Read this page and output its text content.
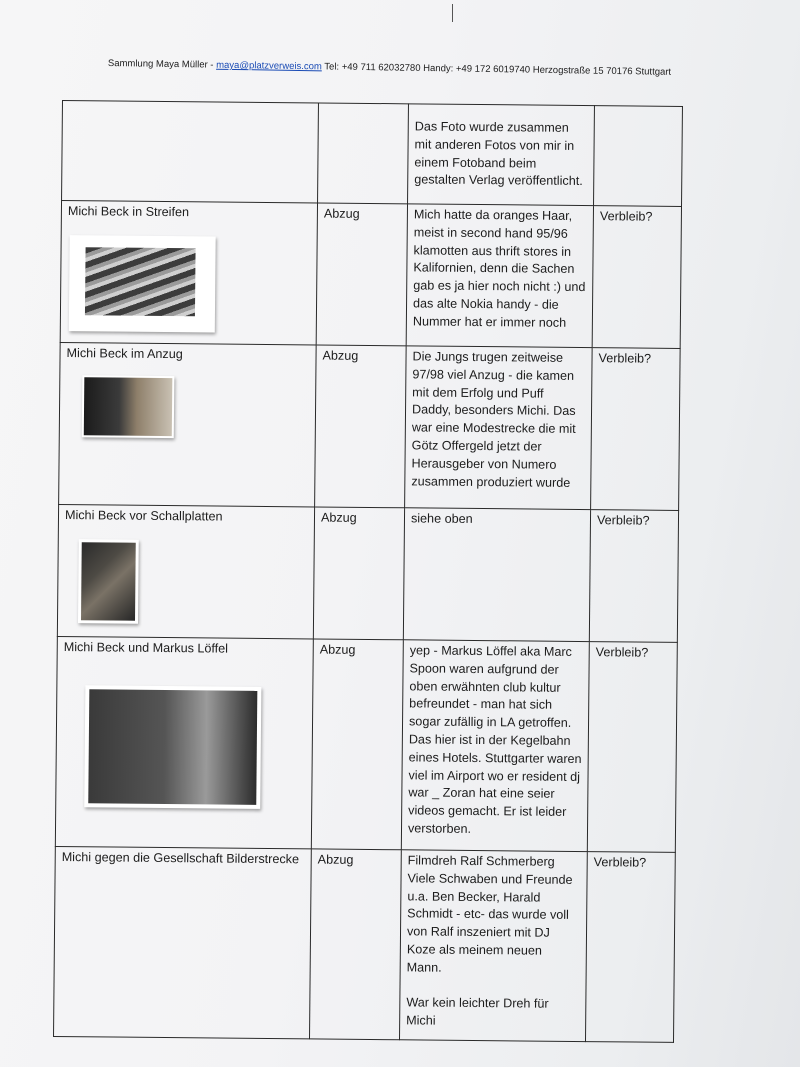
Sammlung Maya Müller - maya@platzverweis.com Tel: +49 711 62032780 Handy: +49 172 6019740 Herzogstraße 15 70176 Stuttgart
		Das Foto wurde zusammen mit anderen Fotos von mir in einem Fotoband beim gestalten Verlag veröffentlicht.	

Michi Beck in Streifen	Abzug	Mich hatte da oranges Haar, meist in second hand 95/96 klamotten aus thrift stores in Kalifornien, denn die Sachen gab es ja hier noch nicht :) und das alte Nokia handy - die Nummer hat er immer noch	Verbleib?

Michi Beck im Anzug	Abzug	Die Jungs trugen zeitweise 97/98 viel Anzug - die kamen mit dem Erfolg und Puff Daddy, besonders Michi. Das war eine Modestrecke die mit Götz Offergeld jetzt der Herausgeber von Numero zusammen produziert wurde	Verbleib?

Michi Beck vor Schallplatten	Abzug	siehe oben	Verbleib?

Michi Beck und Markus Löffel	Abzug	yep - Markus Löffel aka Marc Spoon waren aufgrund der oben erwähnten club kultur befreundet - man hat sich sogar zufällig in LA getroffen. Das hier ist in der Kegelbahn eines Hotels. Stuttgarter waren viel im Airport wo er resident dj war _ Zoran hat eine seier videos gemacht. Er ist leider verstorben.	Verbleib?

Michi gegen die Gesellschaft Bilderstrecke	Abzug	Filmdreh Ralf Schmerberg Viele Schwaben und Freunde u.a. Ben Becker, Harald Schmidt - etc- das wurde voll von Ralf inszeniert mit DJ Koze als meinem neuen Mann.
War kein leichter Dreh für Michi	Verbleib?
